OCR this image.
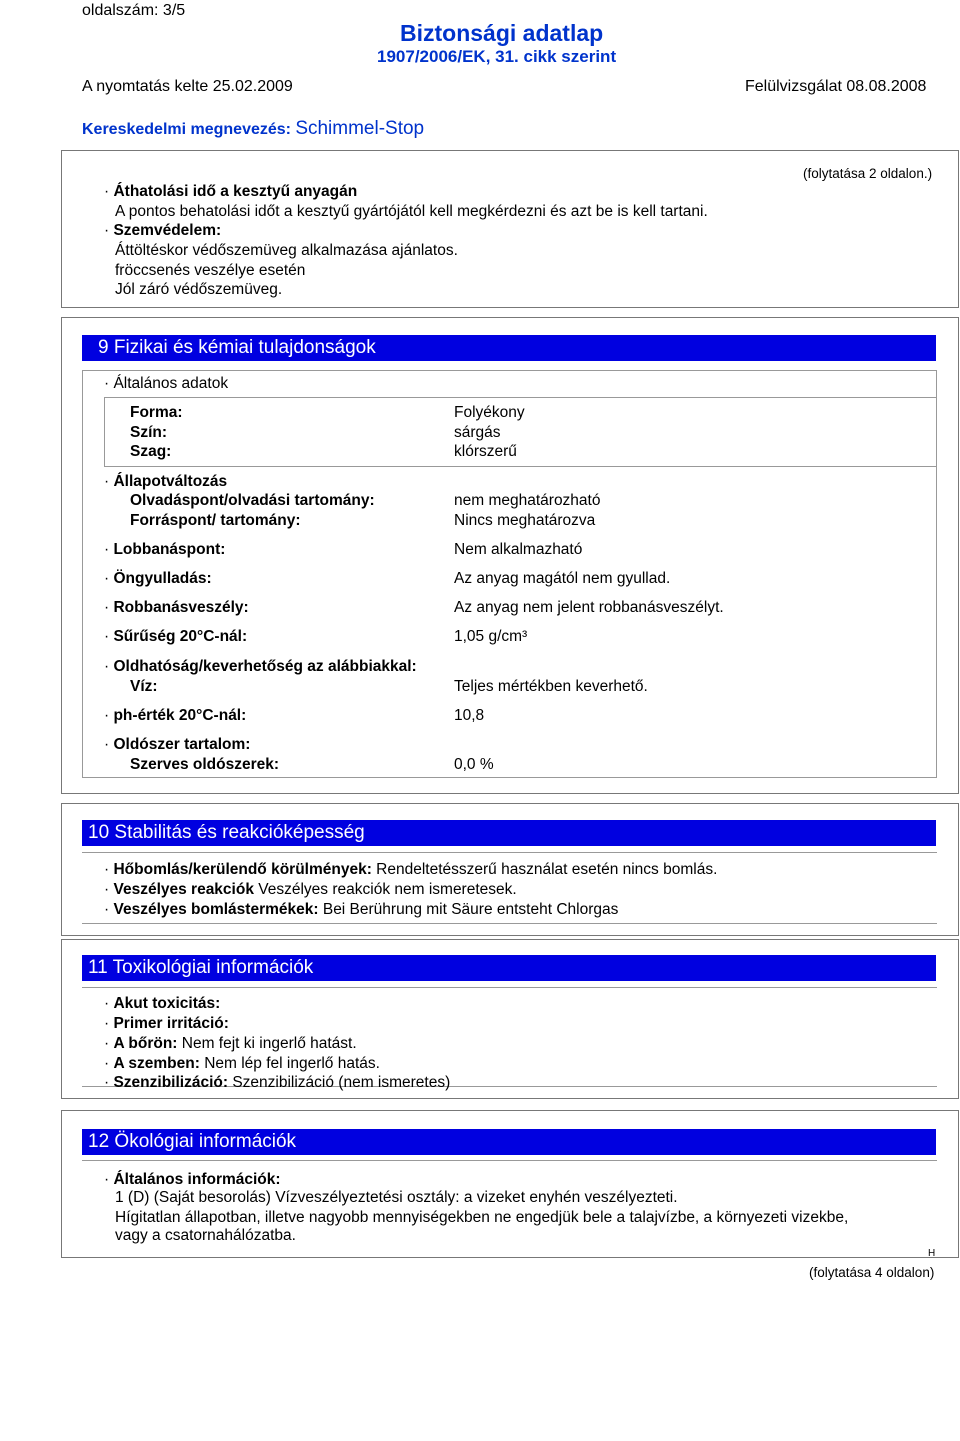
oldalszám: 3/5
Biztonsági adatlap
1907/2006/EK, 31. cikk szerint
A nyomtatás kelte 25.02.2009	Felülvizsgálat 08.08.2008
Kereskedelmi megnevezés: Schimmel-Stop
(folytatása 2 oldalon.)
· Áthatolási idő a kesztyű anyagán
A pontos behatolási időt a kesztyű gyártójától kell megkérdezni és azt be is kell tartani.
· Szemvédelem:
Áttöltéskor védőszemüveg alkalmazása ajánlatos.
fröccsenés veszélye esetén
Jól záró védőszemüveg.
9 Fizikai és kémiai tulajdonságok
· Általános adatok
Forma:	Folyékony
Szín:	sárgás
Szag:	klórszerű
· Állapotváltozás
Olvadáspont/olvadási tartomány:	nem meghatározható
Forráspont/ tartomány:	Nincs meghatározva
· Lobbanáspont:	Nem alkalmazható
· Öngyulladás:	Az anyag magától nem gyullad.
· Robbanásveszély:	Az anyag nem jelent robbanásveszélyt.
· Sűrűség 20°C-nál:	1,05 g/cm³
· Oldhatóság/keverhetőség az alábbiakkal:
Víz:	Teljes mértékben keverhető.
· ph-érték 20°C-nál:	10,8
· Oldószer tartalom:
Szerves oldószerek:	0,0 %
10 Stabilitás és reakcióképesség
· Hőbomlás/kerülendő körülmények: Rendeltetésszerű használat esetén nincs bomlás.
· Veszélyes reakciók Veszélyes reakciók nem ismeretesek.
· Veszélyes bomlástermékek: Bei Berührung mit Säure entsteht Chlorgas
11 Toxikológiai információk
· Akut toxicitás:
· Primer irritáció:
· A bőrön: Nem fejt ki ingerlő hatást.
· A szemben: Nem lép fel ingerlő hatás.
· Szenzibilizáció: Szenzibilizáció (nem ismeretes)
12 Ökológiai információk
· Általános információk:
1 (D) (Saját besorolás) Vízveszélyeztetési osztály: a vizeket enyhén veszélyezteti.
Hígitatlan állapotban, illetve nagyobb mennyiségekben ne engedjük bele a talajvízbe, a környezeti vizekbe,
vagy a csatornahálózatba.
H
(folytatása 4 oldalon)
